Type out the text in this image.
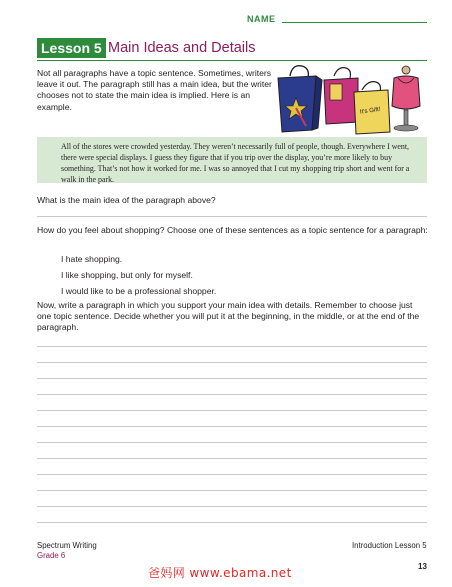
NAME
Lesson 5 Main Ideas and Details
Not all paragraphs have a topic sentence. Sometimes, writers leave it out. The paragraph still has a main idea, but the writer chooses not to state the main idea is implied. Here is an example.	It's Gift!
All of the stores were crowded yesterday. They weren’t necessarily full of people, though. Everywhere I went, there were special displays. I guess they figure that if you trip over the display, you’re more likely to buy something. That’s not how it worked for me. I was so annoyed that I cut my shopping trip short and went for a walk in the park.
What is the main idea of the paragraph above?
How do you feel about shopping? Choose one of these sentences as a topic sentence for a paragraph:
I hate shopping.
I like shopping, but only for myself.
I would like to be a professional shopper.
Now, write a paragraph in which you support your main idea with details. Remember to choose just one topic sentence. Decide whether you will put it at the beginning, in the middle, or at the end of the paragraph.
Spectrum Writing
Grade 6
Introduction Lesson 5
13
爸妈网 www.ebama.net
